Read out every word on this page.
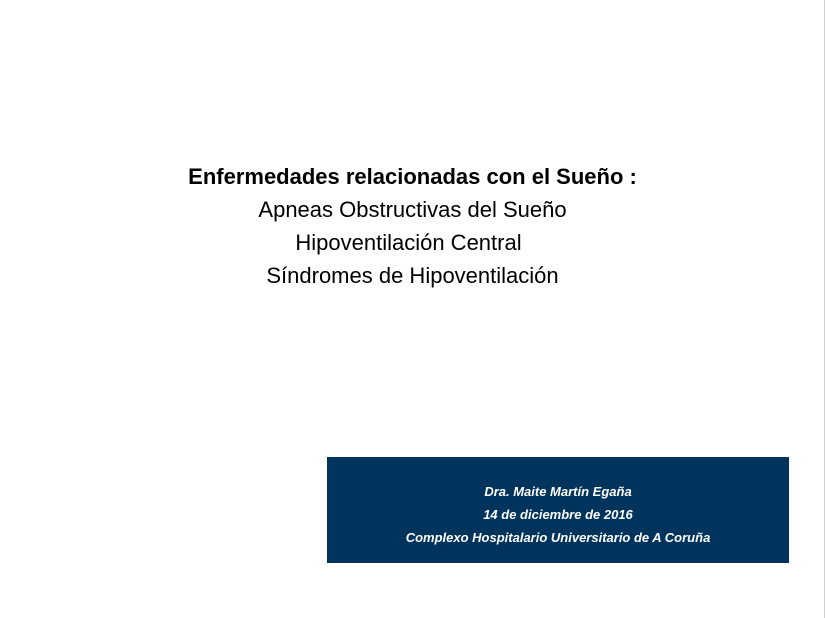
Enfermedades relacionadas con el Sueño :
Apneas Obstructivas del Sueño
Hipoventilación Central
Síndromes de Hipoventilación
Dra. Maite Martín Egaña
14 de diciembre de 2016
Complexo Hospitalario Universitario de A Coruña
